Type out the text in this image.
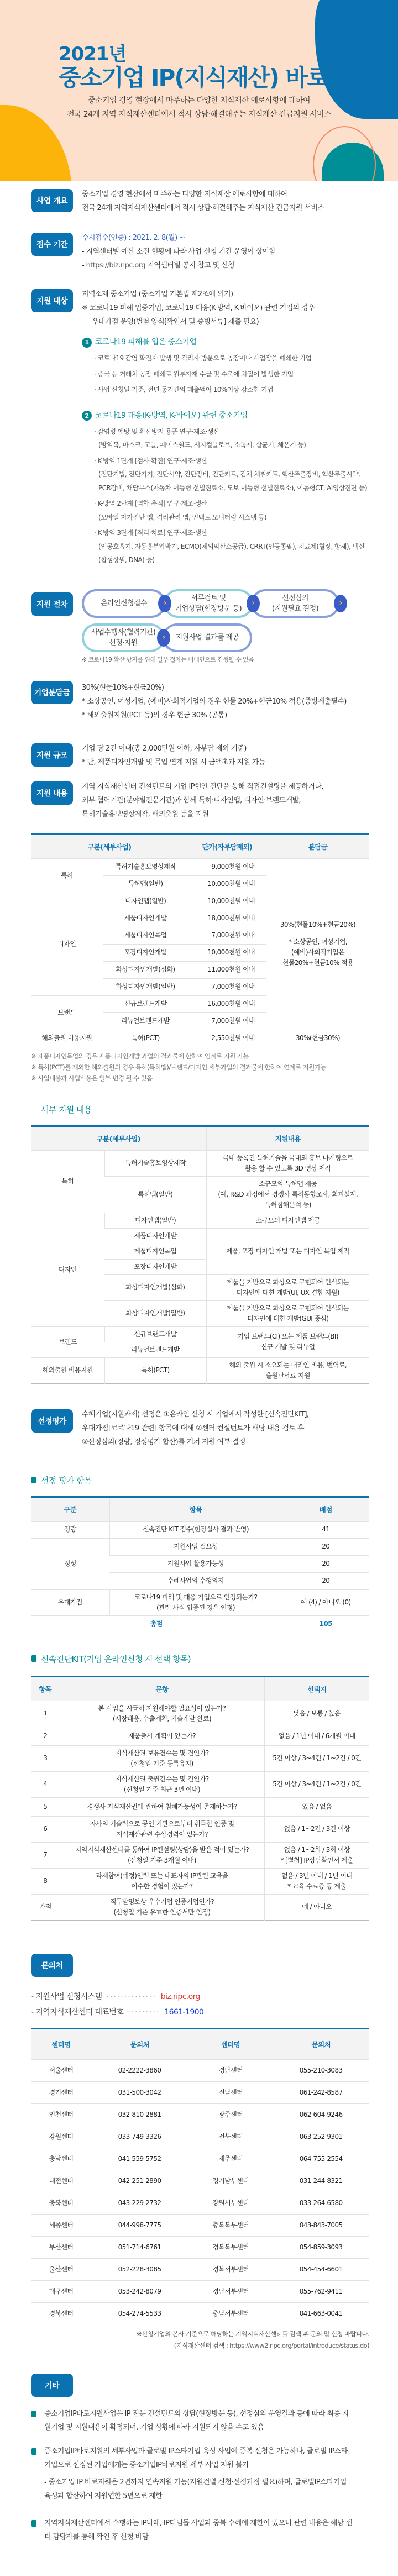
2021년
중소기업 IP(지식재산) 바로지원
중소기업 경영 현장에서 마주하는 다양한 지식재산 애로사항에 대하여
전국 24개 지역 지식재산센터에서 적시 상담·해결해주는 지식재산 긴급지원 서비스
사업 개요
중소기업 경영 현장에서 마주하는 다양한 지식재산 애로사항에 대하여
전국 24개 지역지식재산센터에서 적시 상담·해결해주는 지식재산 긴급지원 서비스
접수 기간
수시접수(연중) : 2021. 2. 8(월) ~
- 지역센터별 예산 소진 현황에 따라 사업 신청 기간 운영이 상이함
- https://biz.ripc.org 지역센터별 공지 참고 및 신청
지원 대상
지역소재 중소기업 (중소기업 기본법 제2조에 의거)
※ 코로나19 피해 입증기업, 코로나19 대응(K-방역, K-바이오) 관련 기업의 경우
우대가점 운영(별첨 양식[확인서 및 증빙서류] 제출 필요)
1 코로나19 피해를 입은 중소기업
· 코로나19 감염 확진자 발생 및 격리자 방문으로 공장이나 사업장을 폐쇄한 기업
· 중국 등 거래처 공장 폐쇄로 원부자재 수급 및 수출에 차질이 발생한 기업
· 사업 신청일 기준, 전년 동기간의 매출액이 10%이상 감소한 기업
2 코로나19 대응(K-방역, K-바이오) 관련 중소기업
· 감염병 예방 및 확산방지 용품 연구·제조·생산
(방역복, 마스크, 고글, 페이스쉴드, 서지컬글로브, 소독제, 살균기, 체온계 등)
· K-방역 1단계 [검사·확진] 연구·제조·생산
(진단기법, 진단기기, 진단시약, 진단장비, 진단키트, 검체 채취키트, 핵산추출장비, 핵산추출시약, PCR장비, 채담부스(자동차 이동형 선별진료소, 도보 이동형 선별진료소), 이동형CT, AI영상진단 등)
· K-방역 2단계 [역학·추적] 연구·제조·생산
(모바일 자가진단 앱, 격리관리 앱, 언택트 모니터링 시스템 등)
· K-방역 3단계 [격리·치료] 연구·제조·생산
(인공호흡기, 자동흉부압박기, ECMO(체외막산소공급), CRRT(인공콩팥), 치료제(혈장, 항체), 백신(합성항원, DNA) 등)
지원 절차	온라인신청접수
서류검토 및
기업상담(현장방문 등)
선정심의
(지원필요 결정)
사업수행사(협력기관)
선정·지원
지원사업 결과물 제공
›	›	›
›
※ 코로나19 확산 방지를 위해 일부 절차는 비대면으로 진행될 수 있음
기업분담금
30%(현물10%+현금20%)
* 소상공인, 여성기업, (예비)사회적기업의 경우 현물 20%+현금10% 적용(증빙제출필수)
* 해외출원지원(PCT 등)의 경우 현금 30% (공통)
지원 규모
기업 당 2건 이내(총 2,000만원 이하, 자부담 제외 기준)
* 단, 제품디자인개발 및 목업 연계 지원 시 금액초과 지원 가능
지원 내용
지역 지식재산센터 컨설턴트의 기업 IP현안 진단을 통해 직접컨설팅을 제공하거나,
외부 협력기관(분야별전문기관)과 함께 특허·디자인맵, 디자인·브랜드개발,
특허기술홍보영상제작, 해외출원 등을 지원
구분(세부사업)		단가(자부담제외)	분담금
특허	특허기술홍보영상제작	9,000천원 이내	30%(현물10%+현금20%)
* 소상공인, 여성기업,
(예비)사회적기업은
현물20%+현금10% 적용

	특허맵(일반)	10,000천원 이내	
디자인	디자인맵(일반)	10,000천원 이내	
	제품디자인개발	18,000천원 이내	
	제품디자인목업	7,000천원 이내	
	포장디자인개발	10,000천원 이내	
	화상디자인개발(심화)	11,000천원 이내	
	화상디자인개발(일반)	7,000천원 이내	
브랜드	신규브랜드개발	16,000천원 이내	
	리뉴얼브랜드개발	7,000천원 이내	
해외출원 비용지원	특허(PCT)	2,550천원 이내	30%(현금30%)
※ 제품디자인목업의 경우 제품디자인개발 과업의 결과물에 한하여 연계로 지원 가능
※ 특허(PCT)를 제외한 해외출원의 경우 특허(특허맵)/브랜드/디자인 세부과업의 결과물에 한하여 연계로 지원가능
※ 사업내용과 사업비용은 일부 변경 될 수 있음
세부 지원 내용
구분(세부사업)		지원내용
특허	특허기술홍보영상제작	국내 등록된 특허기술을 국내외 홍보 마케팅으로
활용 할 수 있도록 3D 영상 제작
	특허맵(일반)	소규모의 특허맵 제공
(예, R&D 과정에서 경쟁사 특허동향조사, 회피설계,
특허침해분석 등)
디자인	디자인맵(일반)	소규모의 디자인맵 제공
	제품디자인개발	제품, 포장 디자인 개발 또는 디자인 목업 제작
	제품디자인목업	
	포장디자인개발	
	화상디자인개발(심화)	제품을 기반으로 화상으로 구현되어 인식되는
디자인에 대한 개발(UI, UX 결합 지원)
	화상디자인개발(일반)	제품을 기반으로 화상으로 구현되어 인식되는
디자인에 대한 개발(GUI 중심)
브랜드	신규브랜드개발	기업 브랜드(CI) 또는 제품 브랜드(BI)
신규 개발 및 리뉴얼
	리뉴얼브랜드개발	
해외출원 비용지원	특허(PCT)	해외 출원 시 소요되는 대리인 비용, 번역료,
출원관납료 지원
선정평가
수혜기업(지원과제) 선정은 ①온라인 신청 시 기업에서 작성한 [신속진단KIT],
우대가점[코로나19 관련] 항목에 대해 ②센터 컨설턴트가 해당 내용 검토 후
③선정심의(정량, 정성평가 합산)를 거쳐 지원 여부 결정
선정 평가 항목
구분	항목	배점
정량	신속진단 KIT 점수(현장실사 결과 반영)	41
정성	지원사업 필요성	20
	지원사업 활용가능성	20
	수혜사업의 수행의지	20
우대가점	코로나19 피해 및 대응 기업으로 인정되는가?
(관련 사실 입증된 경우 인정)	예 (4) / 아니오 (0)
총점		105
신속진단KIT(기업 온라인신청 시 선택 항목)
항목	문항	선택지
1	본 사업을 시급히 지원해야할 필요성이 있는가?
(시장대응, 수출계획, 기술개발 완료)	낮음 / 보통 / 높음
2	제품출시 계획이 있는가?	없음 / 1년 이내 / 6개월 이내
3	지식재산권 보유건수는 몇 건인가?
(신청일 기준 등록유지)	5건 이상 / 3~4건 / 1~2건 / 0건
4	지식재산권 출원건수는 몇 건인가?
(신청일 기준 최근 3년 이내)	5건 이상 / 3~4건 / 1~2건 / 0건
5	경쟁사 지식재산권에 관하여 침해가능성이 존재하는가?	있음 / 없음
6	자사의 기술력으로 공인 기관으로부터 취득한 인증 및
지식재산관련 수상경력이 있는가?	없음 / 1~2건 / 3건 이상
7	지역지식재산센터를 통하여 IP컨설팅(상담)을 받은 적이 있는가?
(신청일 기준 3개월 이내)	없음 / 1~2회 / 3회 이상
* [별첨] IP상담확인서 제출
8	과제참여(예정)인력 또는 대표자의 IP관련 교육을
이수한 경험이 있는가?	없음 / 3년 이내 / 1년 이내
* 교육 수료증 등 제출
가점	직무발명보상 우수기업 인증기업인가?
(신청일 기준 유효한 인증서만 인정)	예 / 아니오
문의처
- 지원사업 신청시스템 ·············· biz.ripc.org
- 지역지식재산센터 대표번호 ········· 1661-1900
센터명	문의처	센터명	문의처
서울센터	02-2222-3860	경남센터	055-210-3083
경기센터	031-500-3042	전남센터	061-242-8587
인천센터	032-810-2881	광주센터	062-604-9246
강원센터	033-749-3326	전북센터	063-252-9301
충남센터	041-559-5752	제주센터	064-755-2554
대전센터	042-251-2890	경기남부센터	031-244-8321
충북센터	043-229-2732	강원서부센터	033-264-6580
세종센터	044-998-7775	충북북부센터	043-843-7005
부산센터	051-714-6761	경북북부센터	054-859-3093
울산센터	052-228-3085	경북서부센터	054-454-6601
대구센터	053-242-8079	경남서부센터	055-762-9411
경북센터	054-274-5533	충남서부센터	041-663-0041
※신청기업의 본사 기준으로 해당하는 지역지식재산센터를 검색 후 문의 및 신청 바랍니다.
(지식재산센터 검색 : https://www2.ripc.org/portal/introduce/status.do)
기타
중소기업IP바로지원사업은 IP 전문 컨설턴트의 상담(현장방문 등), 선정심의 운영결과 등에 따라 최종 지원기업 및 지원내용이 확정되며, 기업 상황에 따라 지원되지 않을 수도 있음
중소기업IP바로지원의 세부사업과 글로벌 IP스타기업 육성 사업에 중복 신청은 가능하나, 글로벌 IP스타기업으로 선정된 기업에게는 중소기업IP바로지원 세부 사업 지원 불가
- 중소기업 IP 바로지원은 2년까지 연속지원 가능(지원건별 신청·선정과정 필요)하며, 글로벌IP스타기업 육성과 합산하여 지원연한 5년으로 제한
지역지식재산센터에서 수행하는 IP나래, IP디딤돌 사업과 중복 수혜에 제한이 있으니 관련 내용은 해당 센터 담당자를 통해 확인 후 신청 바람
